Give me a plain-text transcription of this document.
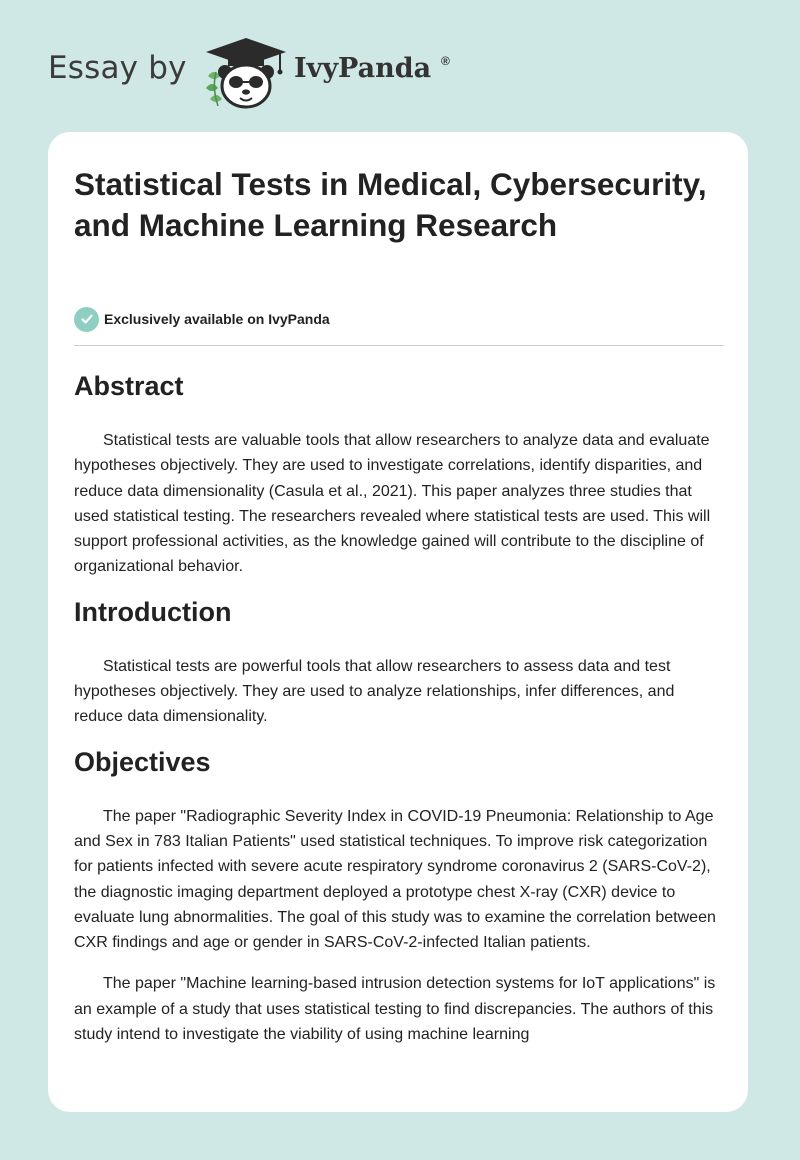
Essay by	IvyPanda ®
Statistical Tests in Medical, Cybersecurity, and Machine Learning Research
Exclusively available on IvyPanda
Abstract

Statistical tests are valuable tools that allow researchers to analyze data and evaluate hypotheses objectively. They are used to investigate correlations, identify disparities, and reduce data dimensionality (Casula et al., 2021). This paper analyzes three studies that used statistical testing. The researchers revealed where statistical tests are used. This will support professional activities, as the knowledge gained will contribute to the discipline of organizational behavior.

Introduction

Statistical tests are powerful tools that allow researchers to assess data and test hypotheses objectively. They are used to analyze relationships, infer differences, and reduce data dimensionality.

Objectives

The paper "Radiographic Severity Index in COVID-19 Pneumonia: Relationship to Age and Sex in 783 Italian Patients" used statistical techniques. To improve risk categorization for patients infected with severe acute respiratory syndrome coronavirus 2 (SARS-CoV-2), the diagnostic imaging department deployed a prototype chest X-ray (CXR) device to evaluate lung abnormalities. The goal of this study was to examine the correlation between CXR findings and age or gender in SARS-CoV-2-infected Italian patients.

The paper "Machine learning-based intrusion detection systems for IoT applications" is an example of a study that uses statistical testing to find discrepancies. The authors of this study intend to investigate the viability of using machine learning
